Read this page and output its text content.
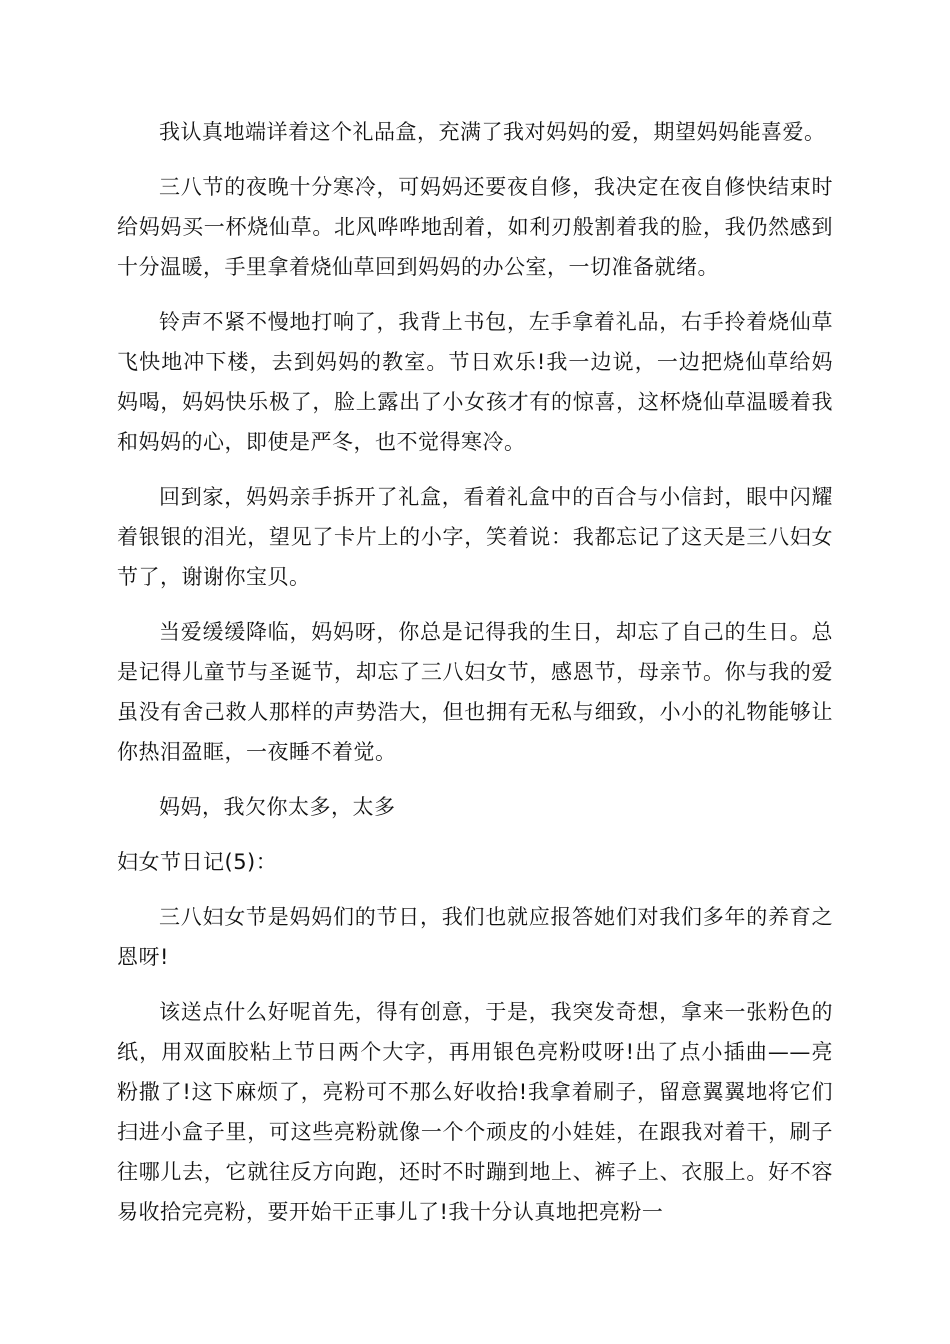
我认真地端详着这个礼品盒，充满了我对妈妈的爱，期望妈妈能喜爱。

三八节的夜晚十分寒冷，可妈妈还要夜自修，我决定在夜自修快结束时给妈妈买一杯烧仙草。北风哗哗地刮着，如利刃般割着我的脸，我仍然感到十分温暖，手里拿着烧仙草回到妈妈的办公室，一切准备就绪。

铃声不紧不慢地打响了，我背上书包，左手拿着礼品，右手拎着烧仙草飞快地冲下楼，去到妈妈的教室。节日欢乐!我一边说，一边把烧仙草给妈妈喝，妈妈快乐极了，脸上露出了小女孩才有的惊喜，这杯烧仙草温暖着我和妈妈的心，即使是严冬，也不觉得寒冷。

回到家，妈妈亲手拆开了礼盒，看着礼盒中的百合与小信封，眼中闪耀着银银的泪光，望见了卡片上的小字，笑着说：我都忘记了这天是三八妇女节了，谢谢你宝贝。

当爱缓缓降临，妈妈呀，你总是记得我的生日，却忘了自己的生日。总是记得儿童节与圣诞节，却忘了三八妇女节，感恩节，母亲节。你与我的爱虽没有舍己救人那样的声势浩大，但也拥有无私与细致，小小的礼物能够让你热泪盈眶，一夜睡不着觉。

妈妈，我欠你太多，太多

妇女节日记(5)：

三八妇女节是妈妈们的节日，我们也就应报答她们对我们多年的养育之恩呀!

该送点什么好呢首先，得有创意，于是，我突发奇想，拿来一张粉色的纸，用双面胶粘上节日两个大字，再用银色亮粉哎呀!出了点小插曲——亮粉撒了!这下麻烦了，亮粉可不那么好收拾!我拿着刷子，留意翼翼地将它们扫进小盒子里，可这些亮粉就像一个个顽皮的小娃娃，在跟我对着干，刷子往哪儿去，它就往反方向跑，还时不时蹦到地上、裤子上、衣服上。好不容易收拾完亮粉，要开始干正事儿了!我十分认真地把亮粉一
